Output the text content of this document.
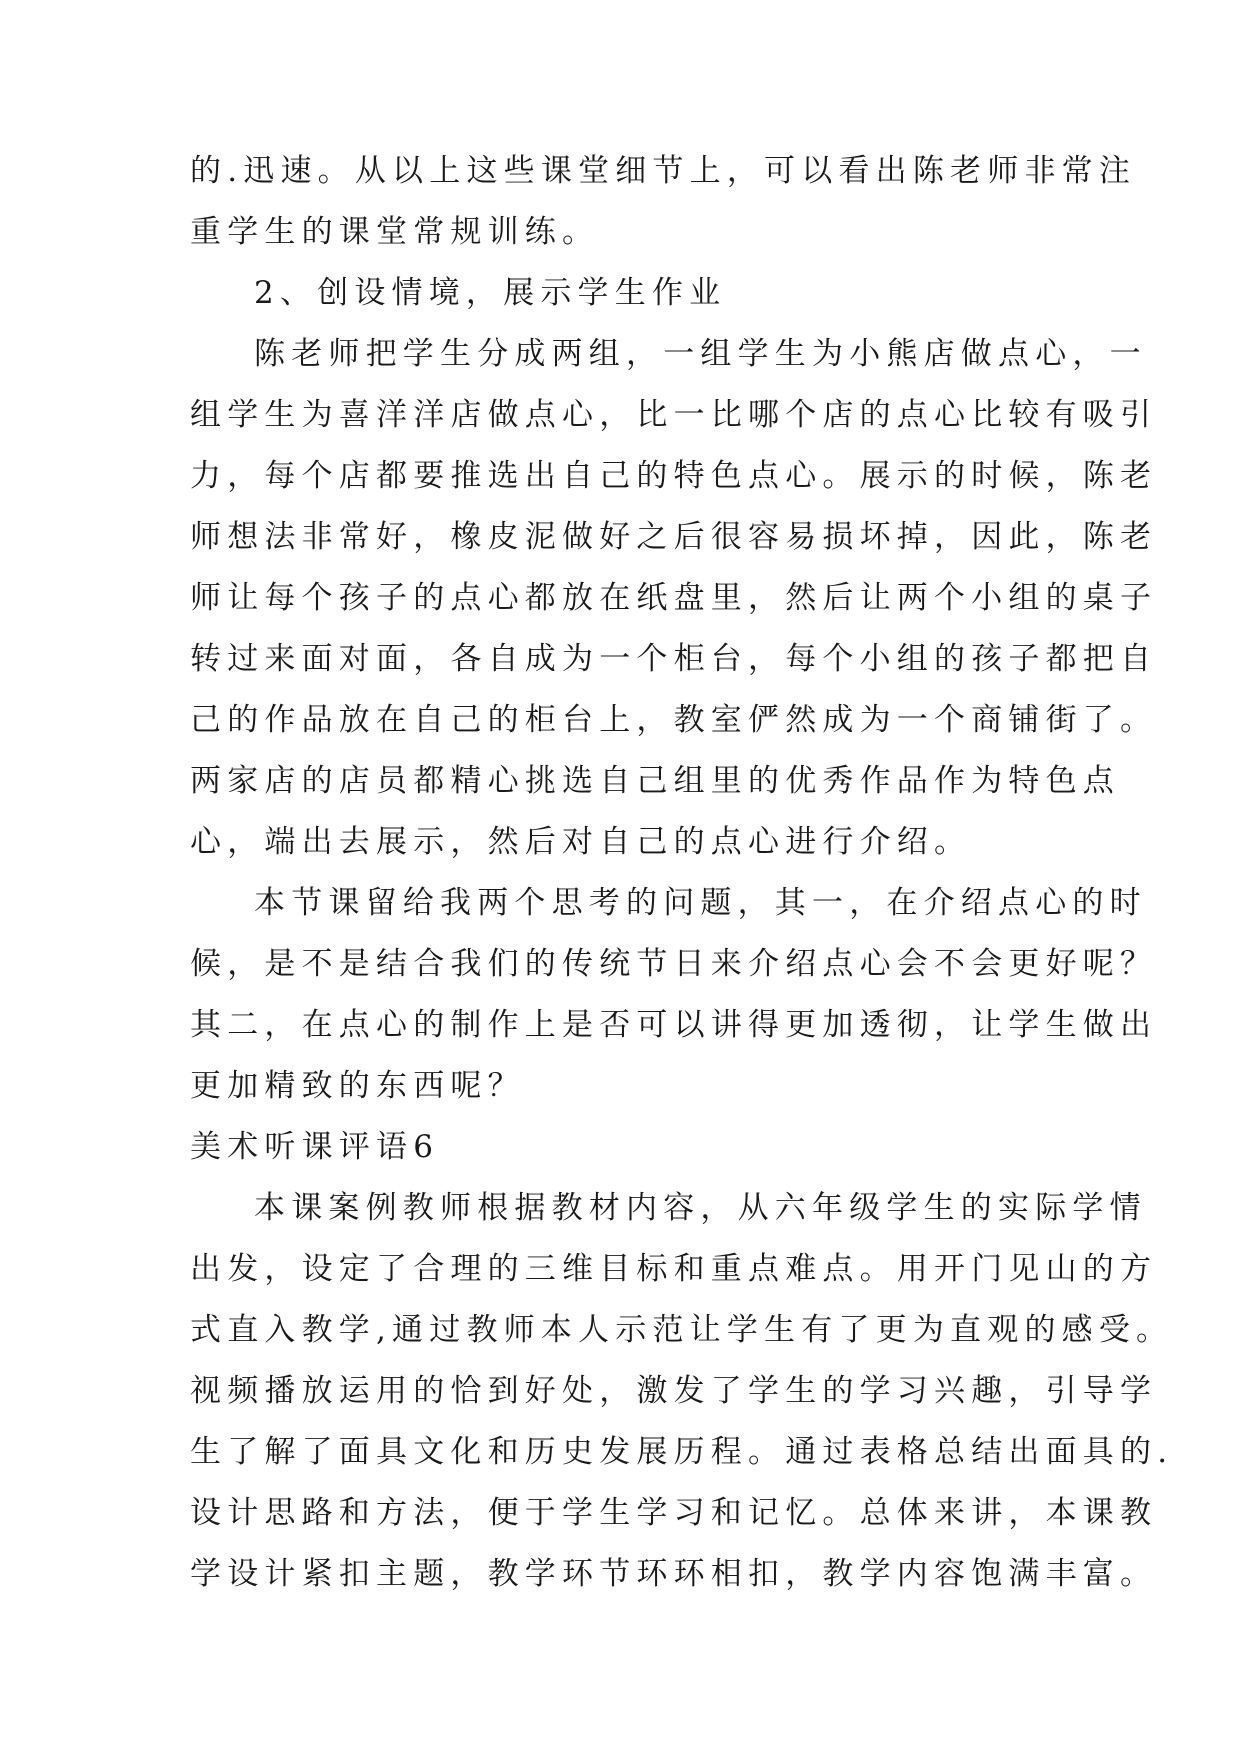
的.迅速。从以上这些课堂细节上，可以看出陈老师非常注
重学生的课堂常规训练。
2、创设情境，展示学生作业
陈老师把学生分成两组，一组学生为小熊店做点心，一
组学生为喜洋洋店做点心，比一比哪个店的点心比较有吸引
力，每个店都要推选出自己的特色点心。展示的时候，陈老
师想法非常好，橡皮泥做好之后很容易损坏掉，因此，陈老
师让每个孩子的点心都放在纸盘里，然后让两个小组的桌子
转过来面对面，各自成为一个柜台，每个小组的孩子都把自
己的作品放在自己的柜台上，教室俨然成为一个商铺街了。
两家店的店员都精心挑选自己组里的优秀作品作为特色点
心，端出去展示，然后对自己的点心进行介绍。
本节课留给我两个思考的问题，其一，在介绍点心的时
候，是不是结合我们的传统节日来介绍点心会不会更好呢？
其二，在点心的制作上是否可以讲得更加透彻，让学生做出
更加精致的东西呢？
美术听课评语6
本课案例教师根据教材内容，从六年级学生的实际学情
出发，设定了合理的三维目标和重点难点。用开门见山的方
式直入教学,通过教师本人示范让学生有了更为直观的感受。
视频播放运用的恰到好处，激发了学生的学习兴趣，引导学
生了解了面具文化和历史发展历程。通过表格总结出面具的.
设计思路和方法，便于学生学习和记忆。总体来讲，本课教
学设计紧扣主题，教学环节环环相扣，教学内容饱满丰富。
